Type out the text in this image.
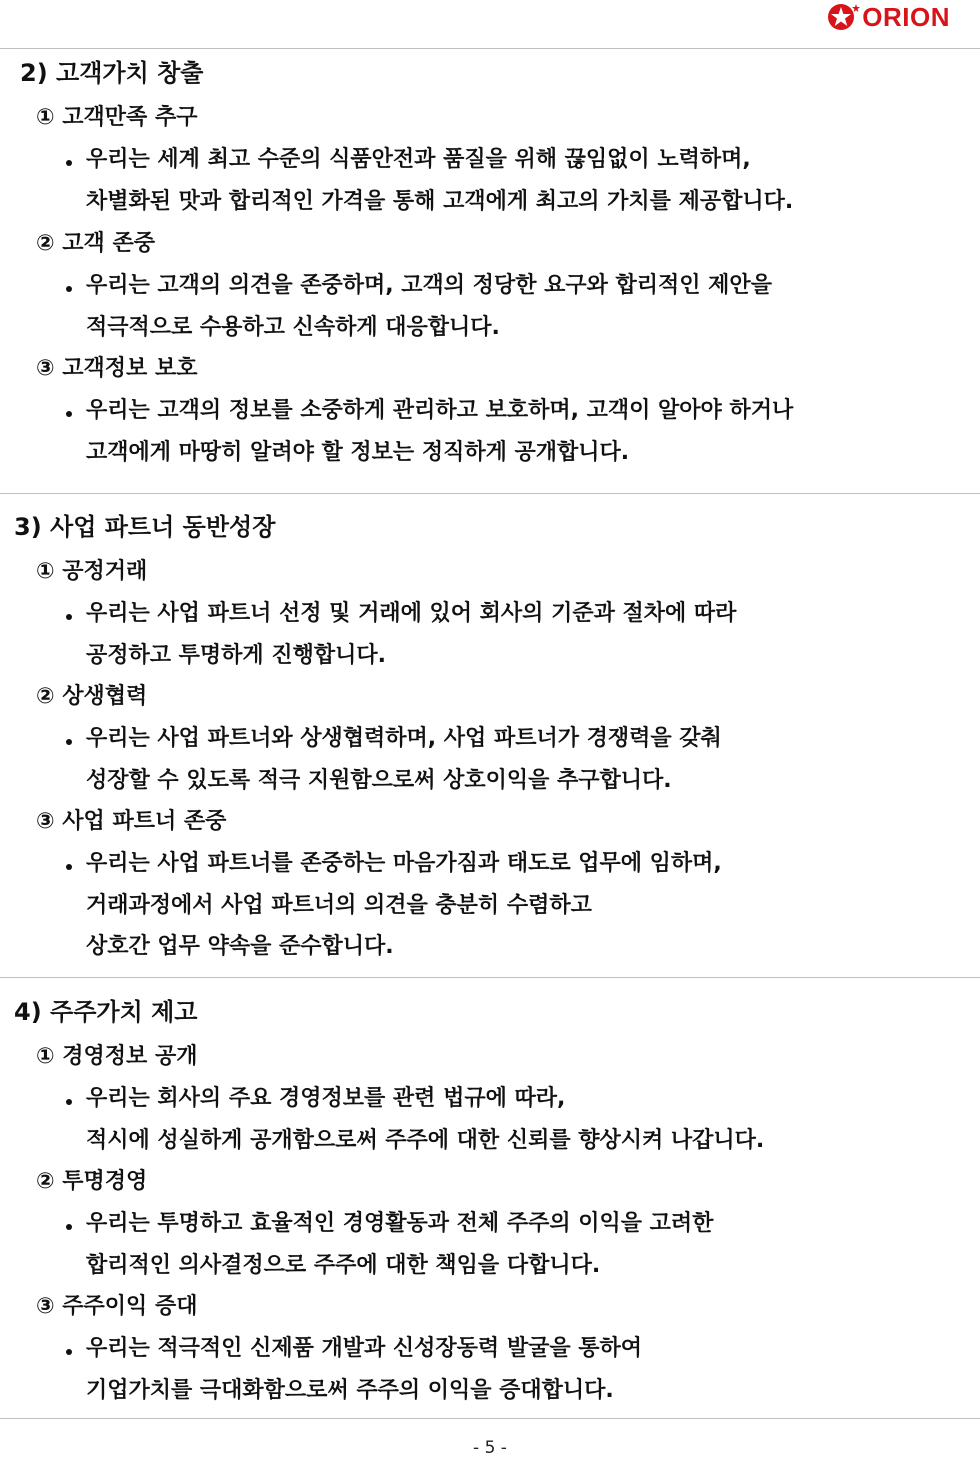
ORION
2) 고객가치 창출
① 고객만족 추구
우리는 세계 최고 수준의 식품안전과 품질을 위해 끊임없이 노력하며,
차별화된 맛과 합리적인 가격을 통해 고객에게 최고의 가치를 제공합니다.
② 고객 존중
우리는 고객의 의견을 존중하며, 고객의 정당한 요구와 합리적인 제안을
적극적으로 수용하고 신속하게 대응합니다.
③ 고객정보 보호
우리는 고객의 정보를 소중하게 관리하고 보호하며, 고객이 알아야 하거나
고객에게 마땅히 알려야 할 정보는 정직하게 공개합니다.
3) 사업 파트너 동반성장
① 공정거래
우리는 사업 파트너 선정 및 거래에 있어 회사의 기준과 절차에 따라
공정하고 투명하게 진행합니다.
② 상생협력
우리는 사업 파트너와 상생협력하며, 사업 파트너가 경쟁력을 갖춰
성장할 수 있도록 적극 지원함으로써 상호이익을 추구합니다.
③ 사업 파트너 존중
우리는 사업 파트너를 존중하는 마음가짐과 태도로 업무에 임하며,
거래과정에서 사업 파트너의 의견을 충분히 수렴하고
상호간 업무 약속을 준수합니다.
4) 주주가치 제고
① 경영정보 공개
우리는 회사의 주요 경영정보를 관련 법규에 따라,
적시에 성실하게 공개함으로써 주주에 대한 신뢰를 향상시켜 나갑니다.
② 투명경영
우리는 투명하고 효율적인 경영활동과 전체 주주의 이익을 고려한
합리적인 의사결정으로 주주에 대한 책임을 다합니다.
③ 주주이익 증대
우리는 적극적인 신제품 개발과 신성장동력 발굴을 통하여
기업가치를 극대화함으로써 주주의 이익을 증대합니다.
- 5 -
